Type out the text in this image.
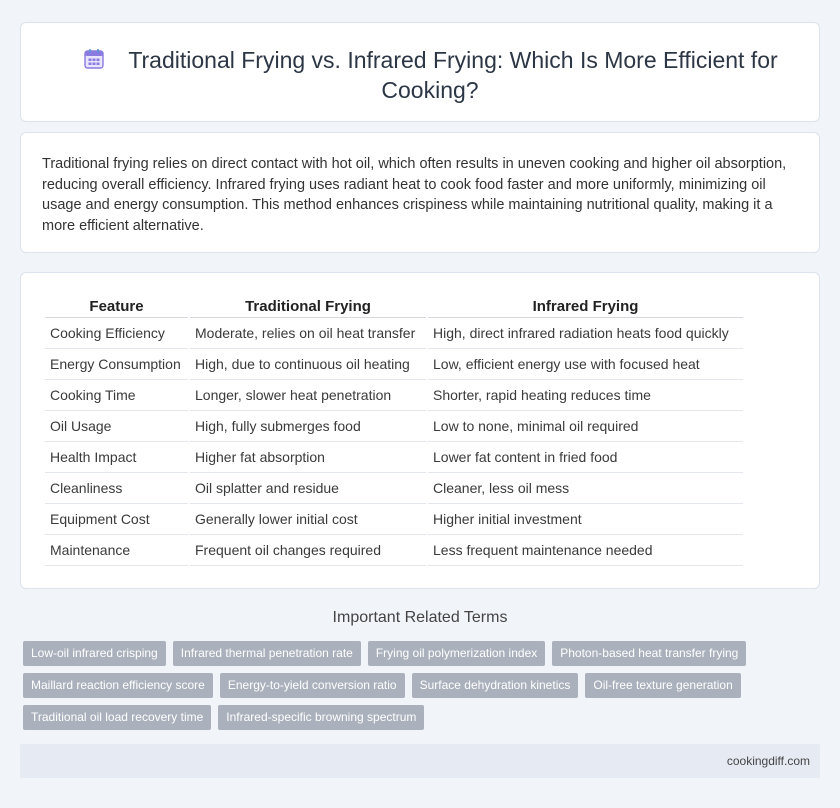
Traditional Frying vs. Infrared Frying: Which Is More Efficient for Cooking?

Traditional frying relies on direct contact with hot oil, which often results in uneven cooking and higher oil absorption, reducing overall efficiency. Infrared frying uses radiant heat to cook food faster and more uniformly, minimizing oil usage and energy consumption. This method enhances crispiness while maintaining nutritional quality, making it a more efficient alternative.

Feature	Traditional Frying	Infrared Frying
Cooking Efficiency	Moderate, relies on oil heat transfer	High, direct infrared radiation heats food quickly
Energy Consumption	High, due to continuous oil heating	Low, efficient energy use with focused heat
Cooking Time	Longer, slower heat penetration	Shorter, rapid heating reduces time
Oil Usage	High, fully submerges food	Low to none, minimal oil required
Health Impact	Higher fat absorption	Lower fat content in fried food
Cleanliness	Oil splatter and residue	Cleaner, less oil mess
Equipment Cost	Generally lower initial cost	Higher initial investment
Maintenance	Frequent oil changes required	Less frequent maintenance needed
Important Related Terms
Low-oil infrared crisping	Infrared thermal penetration rate	Frying oil polymerization index	Photon-based heat transfer frying
Maillard reaction efficiency score	Energy-to-yield conversion ratio	Surface dehydration kinetics	Oil-free texture generation
Traditional oil load recovery time	Infrared-specific browning spectrum
cookingdiff.com
